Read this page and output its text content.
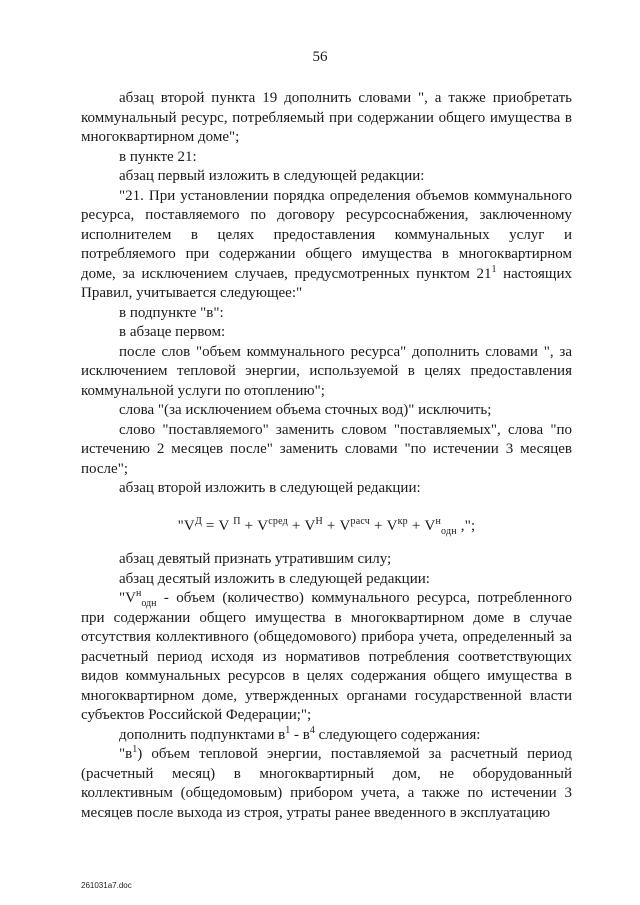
56

абзац второй пункта 19 дополнить словами ", а также приобретать коммунальный ресурс, потребляемый при содержании общего имущества в многоквартирном доме";

в пункте 21:

абзац первый изложить в следующей редакции:

"21. При установлении порядка определения объемов коммунального ресурса, поставляемого по договору ресурсоснабжения, заключенному исполнителем в целях предоставления коммунальных услуг и потребляемого при содержании общего имущества в многоквартирном доме, за исключением случаев, предусмотренных пунктом $21^1$ настоящих Правил, учитывается следующее:"

в подпункте "в":

в абзаце первом:

после слов "объем коммунального ресурса" дополнить словами ", за исключением тепловой энергии, используемой в целях предоставления коммунальной услуги по отоплению";

слова "(за исключением объема сточных вод)" исключить;

слово "поставляемого" заменить словом "поставляемых", слова "по истечению 2 месяцев после" заменить словами "по истечении 3 месяцев после";

абзац второй изложить в следующей редакции:

"$V^Д = V$ $^П + V^{сред} + V^Н + V^{расч} + V^{кр} + V^н_{одн}$ ,";

абзац девятый признать утратившим силу;

абзац десятый изложить в следующей редакции:

"$V^н_{одн}$ - объем (количество) коммунального ресурса, потребленного при содержании общего имущества в многоквартирном доме в случае отсутствия коллективного (общедомового) прибора учета, определенный за расчетный период исходя из нормативов потребления соответствующих видов коммунальных ресурсов в целях содержания общего имущества в многоквартирном доме, утвержденных органами государственной власти субъектов Российской Федерации;";

дополнить подпунктами $в^1 - в^4$ следующего содержания:

"$в^1$) объем тепловой энергии, поставляемой за расчетный период (расчетный месяц) в многоквартирный дом, не оборудованный коллективным (общедомовым) прибором учета, а также по истечении 3 месяцев после выхода из строя, утраты ранее введенного в эксплуатацию

261031a7.doc
